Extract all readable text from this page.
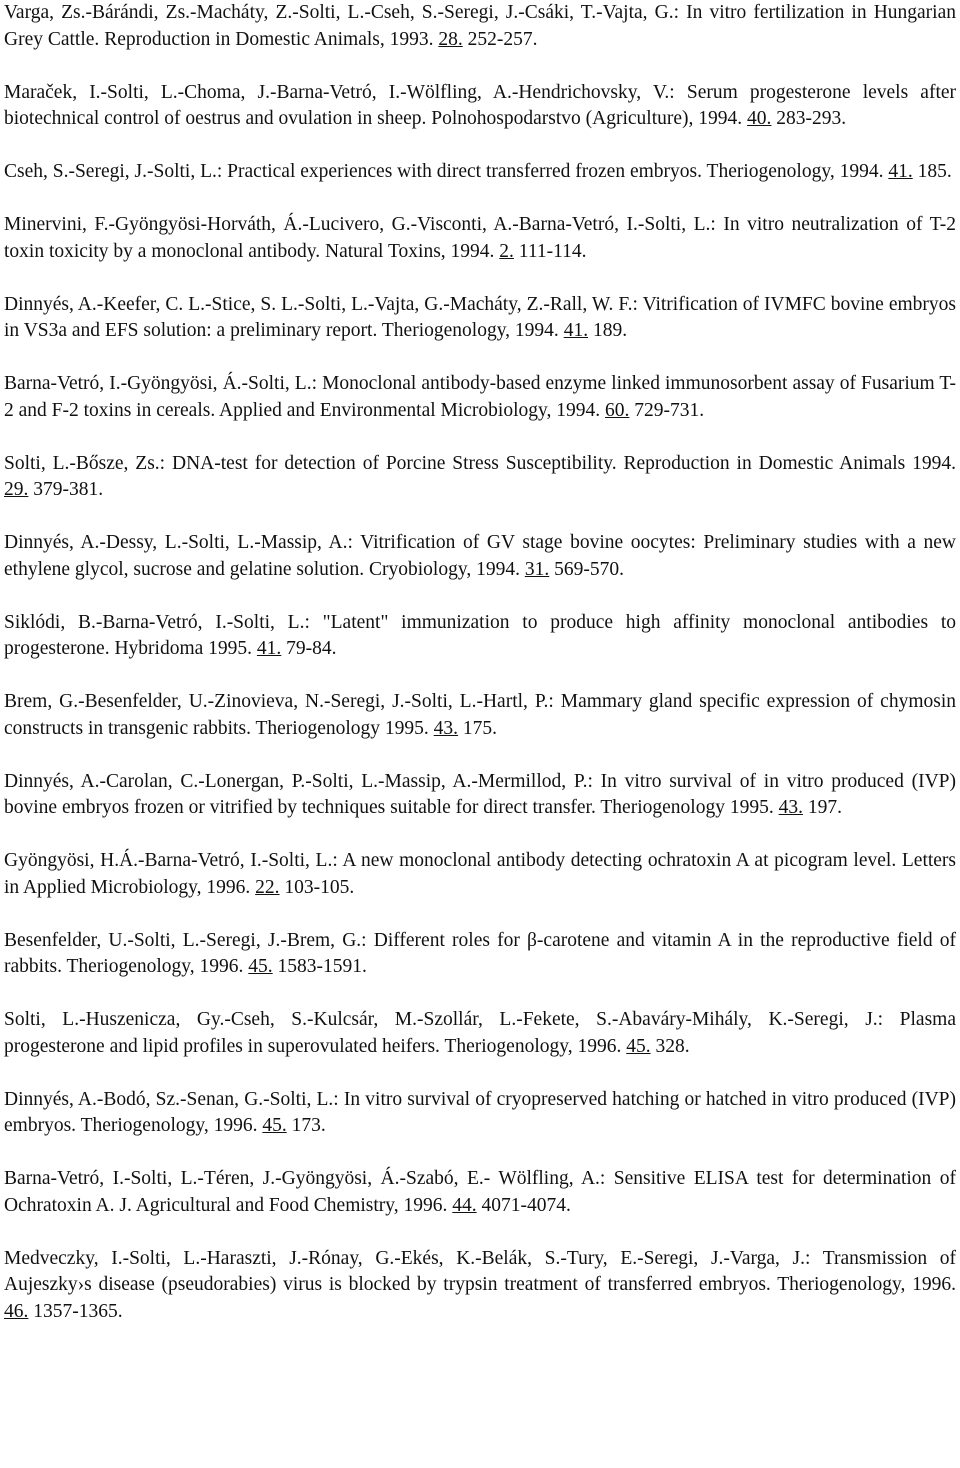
Varga, Zs.-Bárándi, Zs.-Macháty, Z.-Solti, L.-Cseh, S.-Seregi, J.-Csáki, T.-Vajta, G.: In vitro fertilization in Hungarian Grey Cattle. Reproduction in Domestic Animals, 1993. 28. 252-257.

Maraček, I.-Solti, L.-Choma, J.-Barna-Vetró, I.-Wölfling, A.-Hendrichovsky, V.: Serum progesterone levels after biotechnical control of oestrus and ovulation in sheep. Polnohospodarstvo (Agriculture), 1994. 40. 283-293.

Cseh, S.-Seregi, J.-Solti, L.: Practical experiences with direct transferred frozen embryos. Theriogenology, 1994. 41. 185.

Minervini, F.-Gyöngyösi-Horváth, Á.-Lucivero, G.-Visconti, A.-Barna-Vetró, I.-Solti, L.: In vitro neutralization of T-2 toxin toxicity by a monoclonal antibody. Natural Toxins, 1994. 2. 111-114.

Dinnyés, A.-Keefer, C. L.-Stice, S. L.-Solti, L.-Vajta, G.-Macháty, Z.-Rall, W. F.: Vitrification of IVMFC bovine embryos in VS3a and EFS solution: a preliminary report. Theriogenology, 1994. 41. 189.

Barna-Vetró, I.-Gyöngyösi, Á.-Solti, L.: Monoclonal antibody-based enzyme linked immunosorbent assay of Fusarium T-2 and F-2 toxins in cereals. Applied and Environmental Microbiology, 1994. 60. 729-731.

Solti, L.-Bősze, Zs.: DNA-test for detection of Porcine Stress Susceptibility. Reproduction in Domestic Animals 1994. 29. 379-381.

Dinnyés, A.-Dessy, L.-Solti, L.-Massip, A.: Vitrification of GV stage bovine oocytes: Preliminary studies with a new ethylene glycol, sucrose and gelatine solution. Cryobiology, 1994. 31. 569-570.

Siklódi, B.-Barna-Vetró, I.-Solti, L.: "Latent" immunization to produce high affinity monoclonal antibodies to progesterone. Hybridoma 1995. 41. 79-84.

Brem, G.-Besenfelder, U.-Zinovieva, N.-Seregi, J.-Solti, L.-Hartl, P.: Mammary gland specific expression of chymosin constructs in transgenic rabbits. Theriogenology 1995. 43. 175.

Dinnyés, A.-Carolan, C.-Lonergan, P.-Solti, L.-Massip, A.-Mermillod, P.: In vitro survival of in vitro produced (IVP) bovine embryos frozen or vitrified by techniques suitable for direct transfer. Theriogenology 1995. 43. 197.

Gyöngyösi, H.Á.-Barna-Vetró, I.-Solti, L.: A new monoclonal antibody detecting ochratoxin A at picogram level. Letters in Applied Microbiology, 1996. 22. 103-105.

Besenfelder, U.-Solti, L.-Seregi, J.-Brem, G.: Different roles for β-carotene and vitamin A in the reproductive field of rabbits. Theriogenology, 1996. 45. 1583-1591.

Solti, L.-Huszenicza, Gy.-Cseh, S.-Kulcsár, M.-Szollár, L.-Fekete, S.-Abaváry-Mihály, K.-Seregi, J.: Plasma progesterone and lipid profiles in superovulated heifers. Theriogenology, 1996. 45. 328.

Dinnyés, A.-Bodó, Sz.-Senan, G.-Solti, L.: In vitro survival of cryopreserved hatching or hatched in vitro produced (IVP) embryos. Theriogenology, 1996. 45. 173.

Barna-Vetró, I.-Solti, L.-Téren, J.-Gyöngyösi, Á.-Szabó, E.- Wölfling, A.: Sensitive ELISA test for determination of Ochratoxin A. J. Agricultural and Food Chemistry, 1996. 44. 4071-4074.

Medveczky, I.-Solti, L.-Haraszti, J.-Rónay, G.-Ekés, K.-Belák, S.-Tury, E.-Seregi, J.-Varga, J.: Transmission of Aujeszky›s disease (pseudorabies) virus is blocked by trypsin treatment of transferred embryos. Theriogenology, 1996. 46. 1357-1365.
